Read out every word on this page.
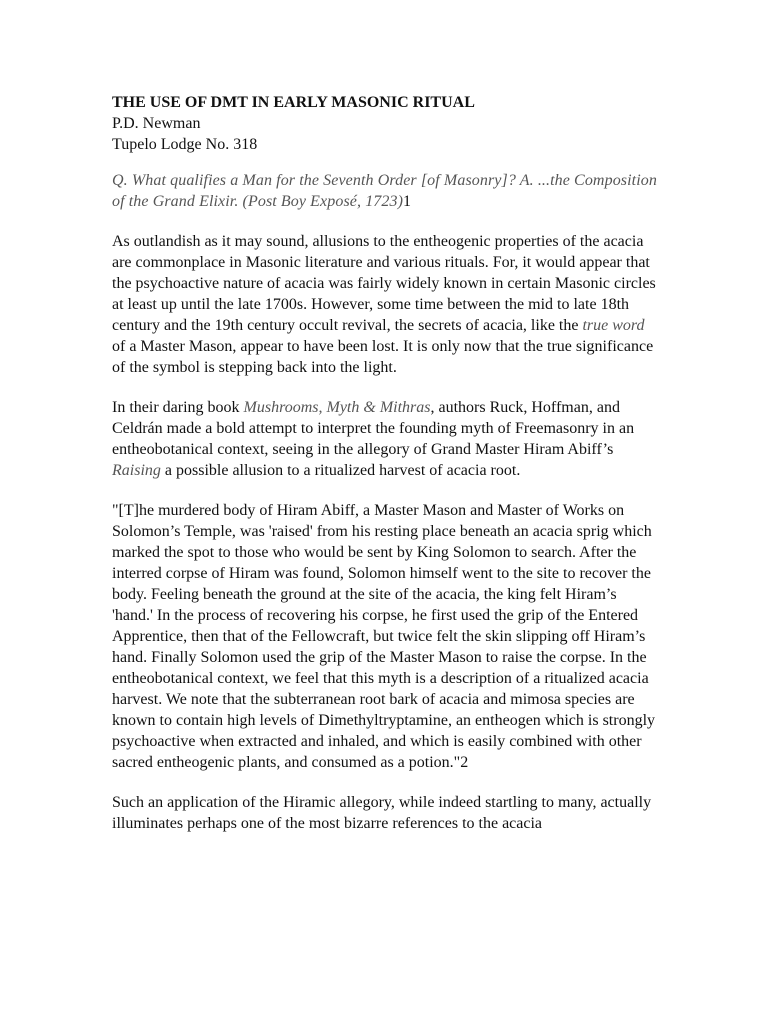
THE USE OF DMT IN EARLY MASONIC RITUAL
P.D. Newman
Tupelo Lodge No. 318

Q. What qualifies a Man for the Seventh Order [of Masonry]? A. ...the Composition of the Grand Elixir. (Post Boy Exposé, 1723)1

As outlandish as it may sound, allusions to the entheogenic properties of the acacia are commonplace in Masonic literature and various rituals. For, it would appear that the psychoactive nature of acacia was fairly widely known in certain Masonic circles at least up until the late 1700s. However, some time between the mid to late 18th century and the 19th century occult revival, the secrets of acacia, like the true word of a Master Mason, appear to have been lost. It is only now that the true significance of the symbol is stepping back into the light.

In their daring book Mushrooms, Myth & Mithras, authors Ruck, Hoffman, and Celdrán made a bold attempt to interpret the founding myth of Freemasonry in an entheobotanical context, seeing in the allegory of Grand Master Hiram Abiff’s Raising a possible allusion to a ritualized harvest of acacia root.

"[T]he murdered body of Hiram Abiff, a Master Mason and Master of Works on Solomon’s Temple, was 'raised' from his resting place beneath an acacia sprig which marked the spot to those who would be sent by King Solomon to search. After the interred corpse of Hiram was found, Solomon himself went to the site to recover the body. Feeling beneath the ground at the site of the acacia, the king felt Hiram’s 'hand.' In the process of recovering his corpse, he first used the grip of the Entered Apprentice, then that of the Fellowcraft, but twice felt the skin slipping off Hiram’s hand. Finally Solomon used the grip of the Master Mason to raise the corpse. In the entheobotanical context, we feel that this myth is a description of a ritualized acacia harvest. We note that the subterranean root bark of acacia and mimosa species are known to contain high levels of Dimethyltryptamine, an entheogen which is strongly psychoactive when extracted and inhaled, and which is easily combined with other sacred entheogenic plants, and consumed as a potion."2

Such an application of the Hiramic allegory, while indeed startling to many, actually illuminates perhaps one of the most bizarre references to the acacia
